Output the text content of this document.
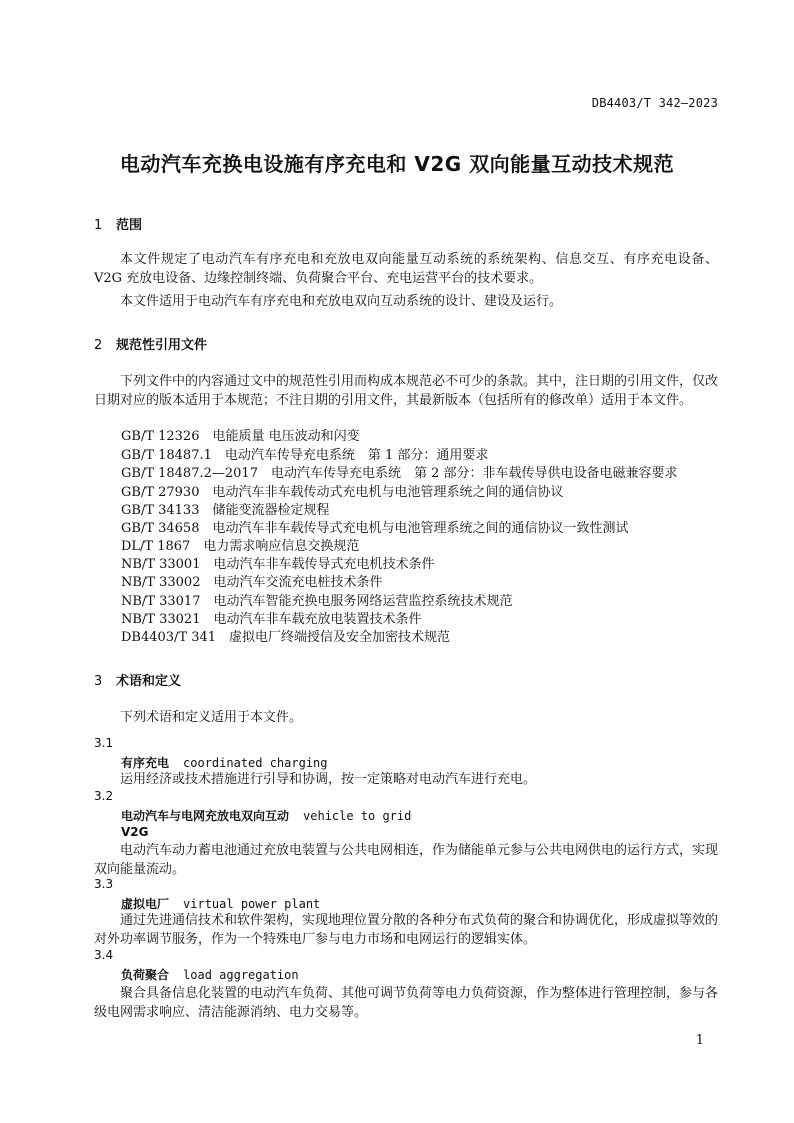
DB4403/T 342—2023
电动汽车充换电设施有序充电和 V2G 双向能量互动技术规范
1 范围
本文件规定了电动汽车有序充电和充放电双向能量互动系统的系统架构、信息交互、有序充电设备、V2G 充放电设备、边缘控制终端、负荷聚合平台、充电运营平台的技术要求。
本文件适用于电动汽车有序充电和充放电双向互动系统的设计、建设及运行。
2 规范性引用文件
下列文件中的内容通过文中的规范性引用而构成本规范必不可少的条款。其中，注日期的引用文件，仅改日期对应的版本适用于本规范；不注日期的引用文件，其最新版本（包括所有的修改单）适用于本文件。
GB/T 12326　电能质量 电压波动和闪变
GB/T 18487.1　电动汽车传导充电系统　第 1 部分：通用要求
GB/T 18487.2—2017　电动汽车传导充电系统　第 2 部分：非车载传导供电设备电磁兼容要求
GB/T 27930　电动汽车非车载传动式充电机与电池管理系统之间的通信协议
GB/T 34133　储能变流器检定规程
GB/T 34658　电动汽车非车载传导式充电机与电池管理系统之间的通信协议一致性测试
DL/T 1867　电力需求响应信息交换规范
NB/T 33001　电动汽车非车载传导式充电机技术条件
NB/T 33002　电动汽车交流充电桩技术条件
NB/T 33017　电动汽车智能充换电服务网络运营监控系统技术规范
NB/T 33021　电动汽车非车载充放电装置技术条件
DB4403/T 341　虚拟电厂终端授信及安全加密技术规范
3 术语和定义
下列术语和定义适用于本文件。
3.1
有序充电 coordinated charging
运用经济或技术措施进行引导和协调，按一定策略对电动汽车进行充电。
3.2
电动汽车与电网充放电双向互动 vehicle to grid
V2G
电动汽车动力蓄电池通过充放电装置与公共电网相连，作为储能单元参与公共电网供电的运行方式，实现双向能量流动。
3.3
虚拟电厂 virtual power plant
通过先进通信技术和软件架构，实现地理位置分散的各种分布式负荷的聚合和协调优化，形成虚拟等效的对外功率调节服务，作为一个特殊电厂参与电力市场和电网运行的逻辑实体。
3.4
负荷聚合 load aggregation
聚合具备信息化装置的电动汽车负荷、其他可调节负荷等电力负荷资源，作为整体进行管理控制，参与各级电网需求响应、清洁能源消纳、电力交易等。
1
